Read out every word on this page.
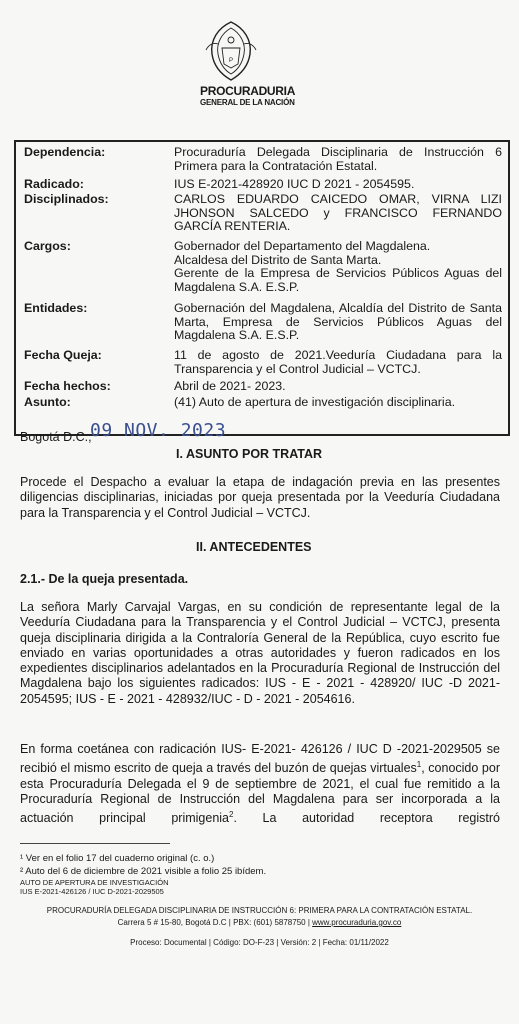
P
PROCURADURIA
GENERAL DE LA NACIÓN
Dependencia:	Procuraduría Delegada Disciplinaria de Instrucción 6 Primera para la Contratación Estatal.
Radicado:	IUS E-2021-428920 IUC D 2021 - 2054595.
Disciplinados:	CARLOS EDUARDO CAICEDO OMAR, VIRNA LIZI JHONSON SALCEDO y FRANCISCO FERNANDO GARCÍA RENTERIA.
Cargos:	Gobernador del Departamento del Magdalena.
Alcaldesa del Distrito de Santa Marta.
Gerente de la Empresa de Servicios Públicos Aguas del Magdalena S.A. E.S.P.
Entidades:	Gobernación del Magdalena, Alcaldía del Distrito de Santa Marta, Empresa de Servicios Públicos Aguas del Magdalena S.A. E.S.P.
Fecha Queja:	11 de agosto de 2021.Veeduría Ciudadana para la Transparencia y el Control Judicial – VCTCJ.
Fecha hechos:	Abril de 2021- 2023.
Asunto:	(41) Auto de apertura de investigación disciplinaria.
Bogotá D.C.,
09 NOV. 2023
I. ASUNTO POR TRATAR
Procede el Despacho a evaluar la etapa de indagación previa en las presentes diligencias disciplinarias, iniciadas por queja presentada por la Veeduría Ciudadana para la Transparencia y el Control Judicial – VCTCJ.
II. ANTECEDENTES
2.1.- De la queja presentada.
La señora Marly Carvajal Vargas, en su condición de representante legal de la Veeduría Ciudadana para la Transparencia y el Control Judicial – VCTCJ, presenta queja disciplinaria dirigida a la Contraloría General de la República, cuyo escrito fue enviado en varias oportunidades a otras autoridades y fueron radicados en los expedientes disciplinarios adelantados en la Procuraduría Regional de Instrucción del Magdalena bajo los siguientes radicados: IUS - E - 2021 - 428920/ IUC -D 2021- 2054595; IUS - E - 2021 - 428932/IUC - D - 2021 - 2054616.
En forma coetánea con radicación IUS- E-2021- 426126 / IUC D -2021-2029505 se recibió el mismo escrito de queja a través del buzón de quejas virtuales$^1$, conocido por esta Procuraduría Delegada el 9 de septiembre de 2021, el cual fue remitido a la Procuraduría Regional de Instrucción del Magdalena para ser incorporada a la actuación principal primigenia$^2$. La autoridad receptora registró
¹ Ver en el folio 17 del cuaderno original (c. o.)
² Auto del 6 de diciembre de 2021 visible a folio 25 ibídem.
AUTO DE APERTURA DE INVESTIGACIÓN
IUS E-2021-426126 / IUC D-2021-2029505
PROCURADURÍA DELEGADA DISCIPLINARIA DE INSTRUCCIÓN 6: PRIMERA PARA LA CONTRATACIÓN ESTATAL.
Carrera 5 # 15-80, Bogotá D.C | PBX: (601) 5878750 | www.procuraduria.gov.co
Proceso: Documental | Código: DO-F-23 | Versión: 2 | Fecha: 01/11/2022
